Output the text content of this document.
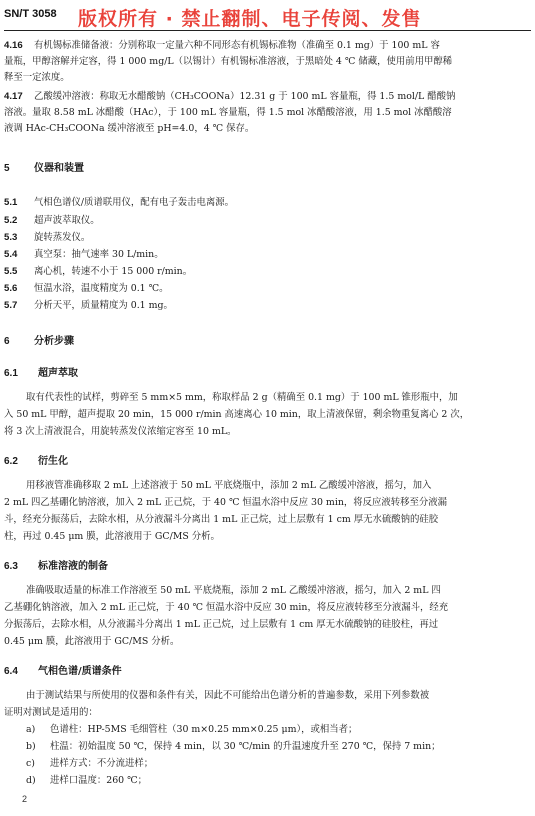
SN/T 3058 版权所有 · 禁止翻制、电子传阅、发售
4.16 有机锡标准储备液：分别称取一定量六种不同形态有机锡标准物（准确至 0.1 mg）于 100 mL 容
量瓶，甲醇溶解并定容，得 1 000 mg/L（以锡计）有机锡标准溶液，于黑暗处 4 ℃ 储藏，使用前用甲醇稀
释至一定浓度。
4.17 乙酸缓冲溶液：称取无水醋酸钠（CH₃COONa）12.31 g 于 100 mL 容量瓶，得 1.5 mol/L 醋酸钠
溶液。量取 8.58 mL 冰醋酸（HAc），于 100 mL 容量瓶，得 1.5 mol 冰醋酸溶液，用 1.5 mol 冰醋酸溶
液调 HAc-CH₃COONa 缓冲溶液至 pH=4.0，4 ℃ 保存。
5 仪器和装置
5.1 气相色谱仪/质谱联用仪，配有电子轰击电离源。
5.2 超声波萃取仪。
5.3 旋转蒸发仪。
5.4 真空泵：抽气速率 30 L/min。
5.5 离心机，转速不小于 15 000 r/min。
5.6 恒温水浴，温度精度为 0.1 ℃。
5.7 分析天平，质量精度为 0.1 mg。
6 分析步骤
6.1 超声萃取
取有代表性的试样，剪碎至 5 mm×5 mm，称取样品 2 g（精确至 0.1 mg）于 100 mL 锥形瓶中，加
入 50 mL 甲醇，超声提取 20 min，15 000 r/min 高速离心 10 min，取上清液保留，剩余物重复离心 2 次，
将 3 次上清液混合，用旋转蒸发仪浓缩定容至 10 mL。
6.2 衍生化
用移液管准确移取 2 mL 上述溶液于 50 mL 平底烧瓶中，添加 2 mL 乙酸缓冲溶液，摇匀，加入
2 mL 四乙基硼化钠溶液，加入 2 mL 正己烷，于 40 ℃ 恒温水浴中反应 30 min，将反应液转移至分液漏
斗，经充分振荡后，去除水相，从分液漏斗分离出 1 mL 正己烷，过上层敷有 1 cm 厚无水硫酸钠的硅胶
柱，再过 0.45 μm 膜，此溶液用于 GC/MS 分析。
6.3 标准溶液的制备
准确吸取适量的标准工作溶液至 50 mL 平底烧瓶，添加 2 mL 乙酸缓冲溶液，摇匀，加入 2 mL 四
乙基硼化钠溶液，加入 2 mL 正己烷，于 40 ℃ 恒温水浴中反应 30 min，将反应液转移至分液漏斗，经充
分振荡后，去除水相，从分液漏斗分离出 1 mL 正己烷，过上层敷有 1 cm 厚无水硫酸钠的硅胶柱，再过
0.45 μm 膜，此溶液用于 GC/MS 分析。
6.4 气相色谱/质谱条件
由于测试结果与所使用的仪器和条件有关，因此不可能给出色谱分析的普遍参数，采用下列参数被
证明对测试是适用的：
a) 色谱柱：HP-5MS 毛细管柱（30 m×0.25 mm×0.25 μm），或相当者；
b) 柱温：初始温度 50 ℃，保持 4 min，以 30 ℃/min 的升温速度升至 270 ℃，保持 7 min；
c) 进样方式：不分流进样；
d) 进样口温度：260 ℃；
2
